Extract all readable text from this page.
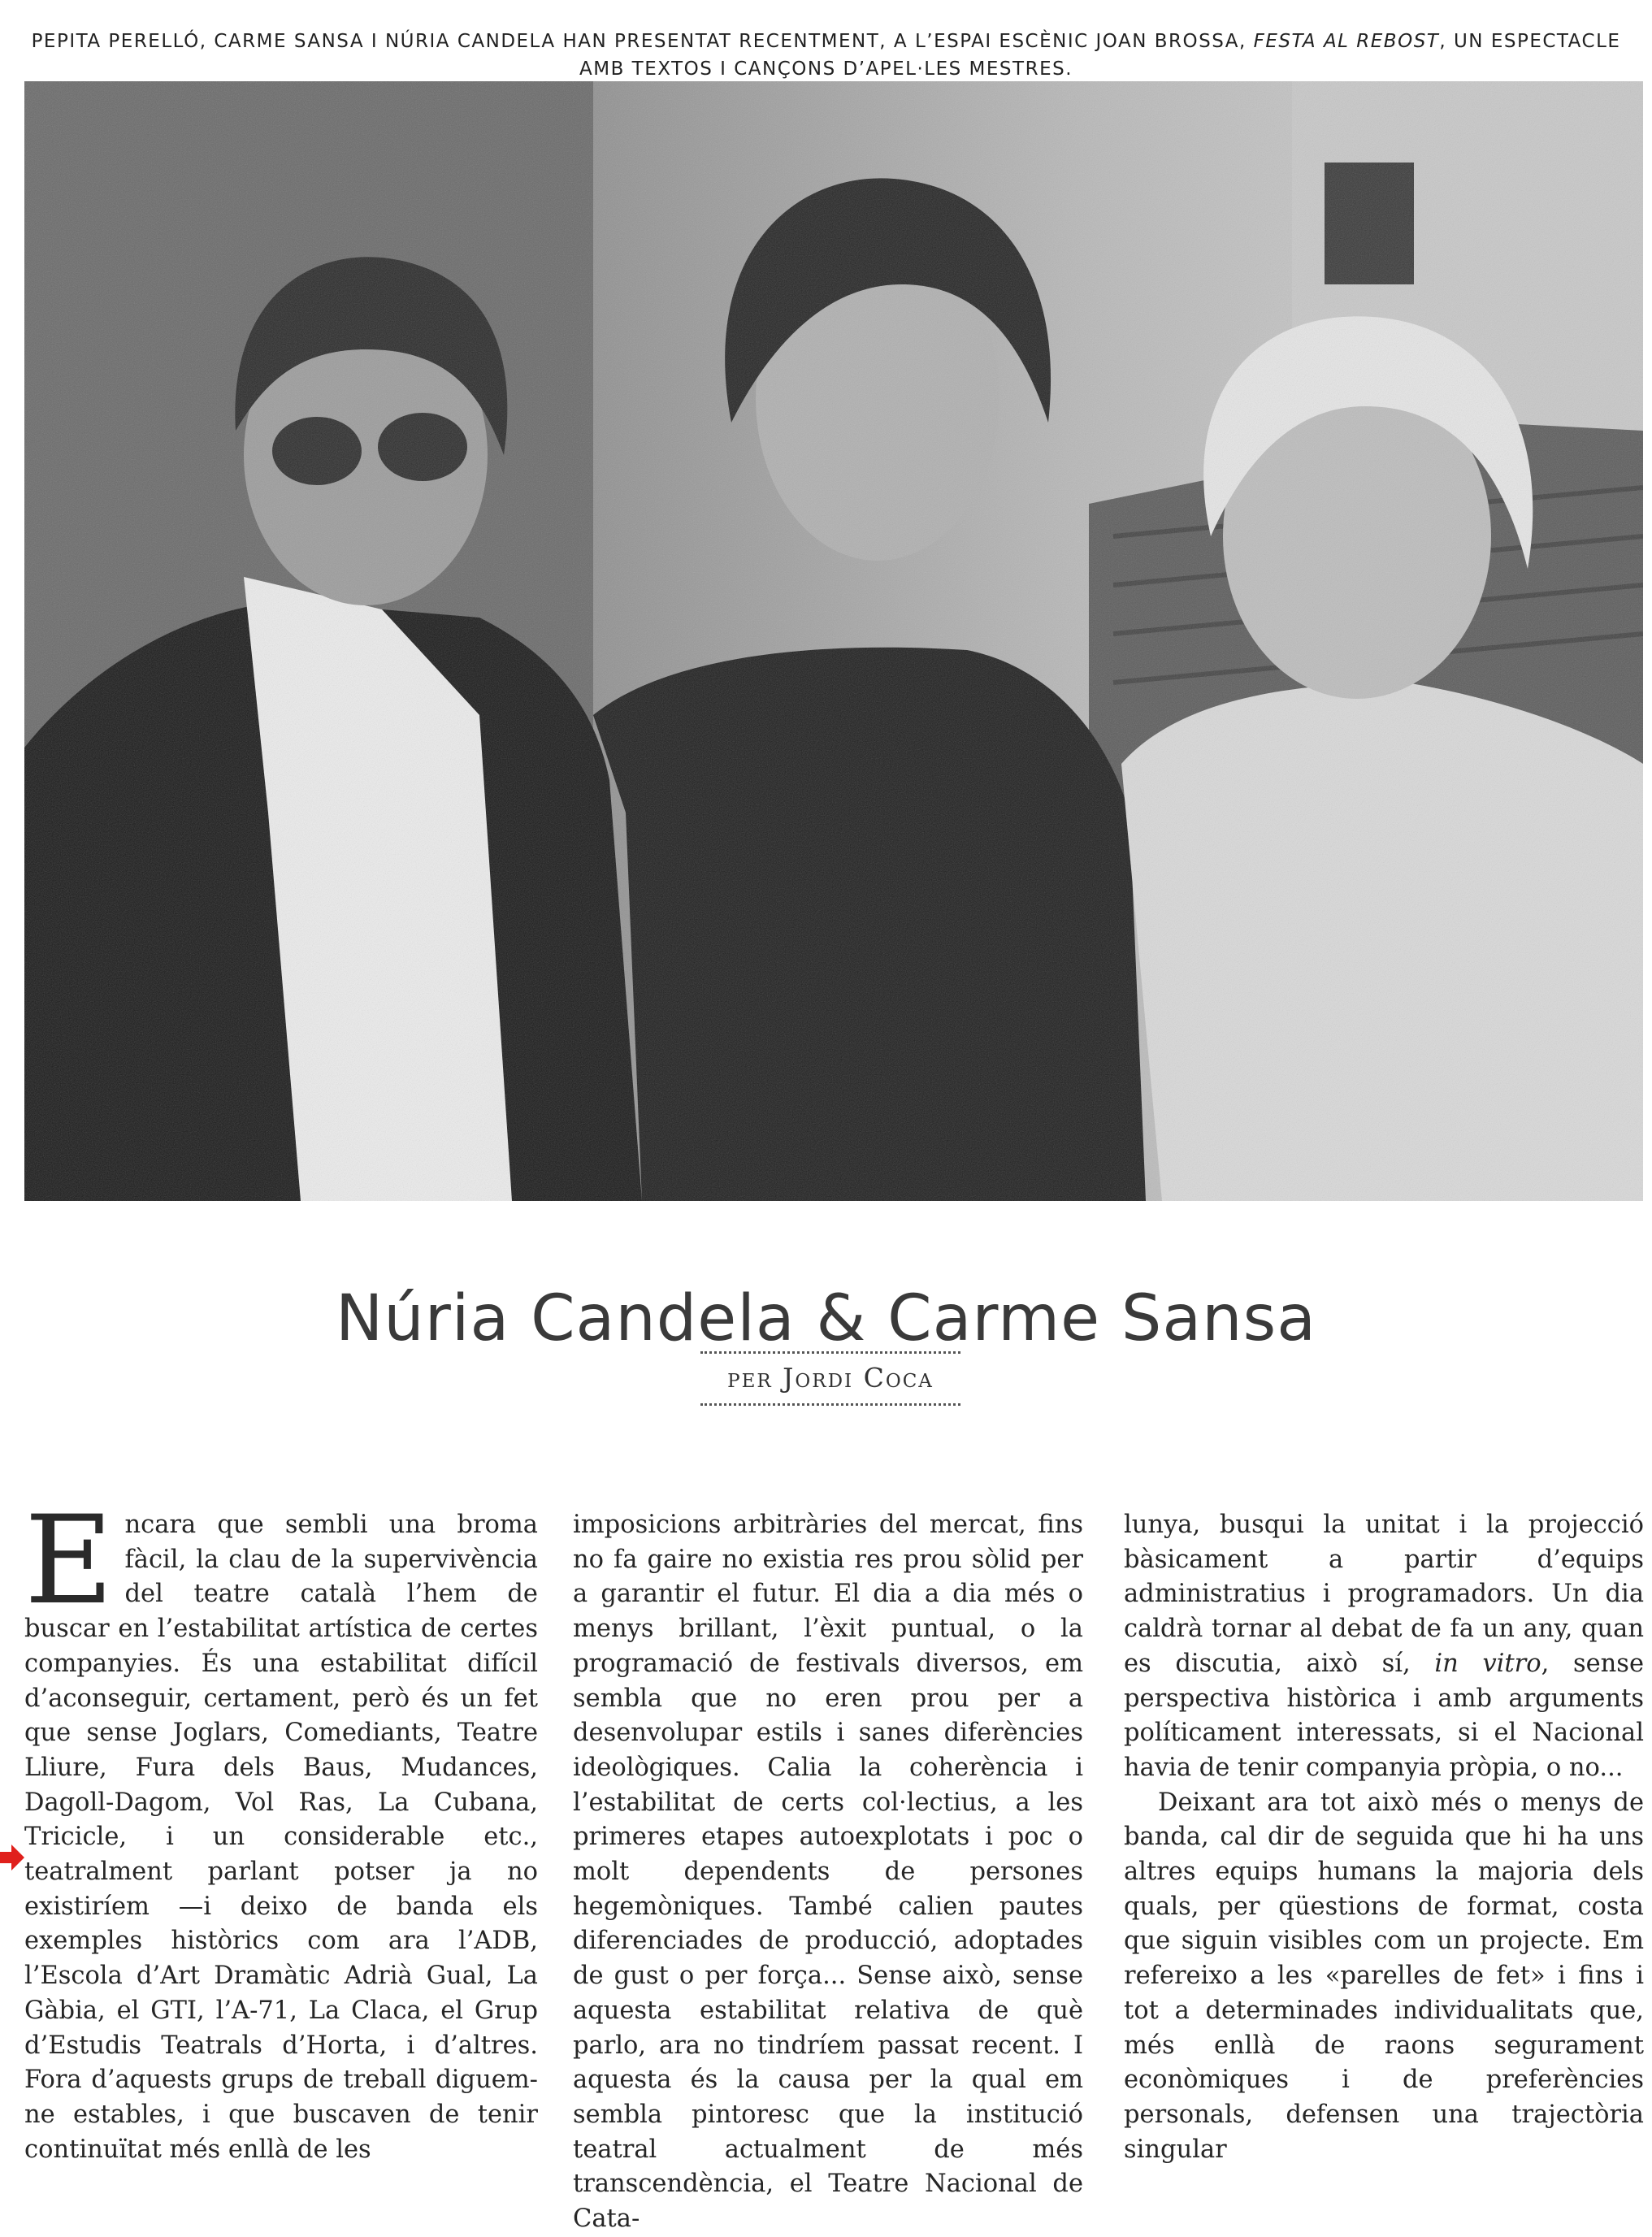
PEPITA PERELLÓ, CARME SANSA I NÚRIA CANDELA HAN PRESENTAT RECENTMENT, A L’ESPAI ESCÈNIC JOAN BROSSA, FESTA AL REBOST, UN ESPECTACLE AMB TEXTOS I CANÇONS D’APEL·LES MESTRES.
Núria Candela & Carme Sansa
per Jordi Coca

Encara que sembli una broma fàcil, la clau de la supervivència del teatre català l’hem de buscar en l’estabilitat artística de certes companyies. És una estabilitat difícil d’aconseguir, certament, però és un fet que sense Joglars, Comediants, Teatre Lliure, Fura dels Baus, Mudances, Dagoll-Dagom, Vol Ras, La Cubana, Tricicle, i un considerable etc., teatralment parlant potser ja no existiríem —i deixo de banda els exemples històrics com ara l’ADB, l’Escola d’Art Dramàtic Adrià Gual, La Gàbia, el GTI, l’A-71, La Claca, el Grup d’Estudis Teatrals d’Horta, i d’altres. Fora d’aquests grups de treball diguem-ne estables, i que buscaven de tenir continuïtat més enllà de les

imposicions arbitràries del mercat, fins no fa gaire no existia res prou sòlid per a garantir el futur. El dia a dia més o menys brillant, l’èxit puntual, o la programació de festivals diversos, em sembla que no eren prou per a desenvolupar estils i sanes diferències ideològiques. Calia la coherència i l’estabilitat de certs col·lectius, a les primeres etapes autoexplotats i poc o molt dependents de persones hegemòniques. També calien pautes diferenciades de producció, adoptades de gust o per força... Sense això, sense aquesta estabilitat relativa de què parlo, ara no tindríem passat recent. I aquesta és la causa per la qual em sembla pintoresc que la institució teatral actualment de més transcendència, el Teatre Nacional de Cata-

lunya, busqui la unitat i la projecció bàsicament a partir d’equips administratius i programadors. Un dia caldrà tornar al debat de fa un any, quan es discutia, això sí, in vitro, sense perspectiva històrica i amb arguments políticament interessats, si el Nacional havia de tenir companyia pròpia, o no...

Deixant ara tot això més o menys de banda, cal dir de seguida que hi ha uns altres equips humans la majoria dels quals, per qüestions de format, costa que siguin visibles com un projecte. Em refereixo a les «parelles de fet» i fins i tot a determinades individualitats que, més enllà de raons segurament econòmiques i de preferències personals, defensen una trajectòria singular
